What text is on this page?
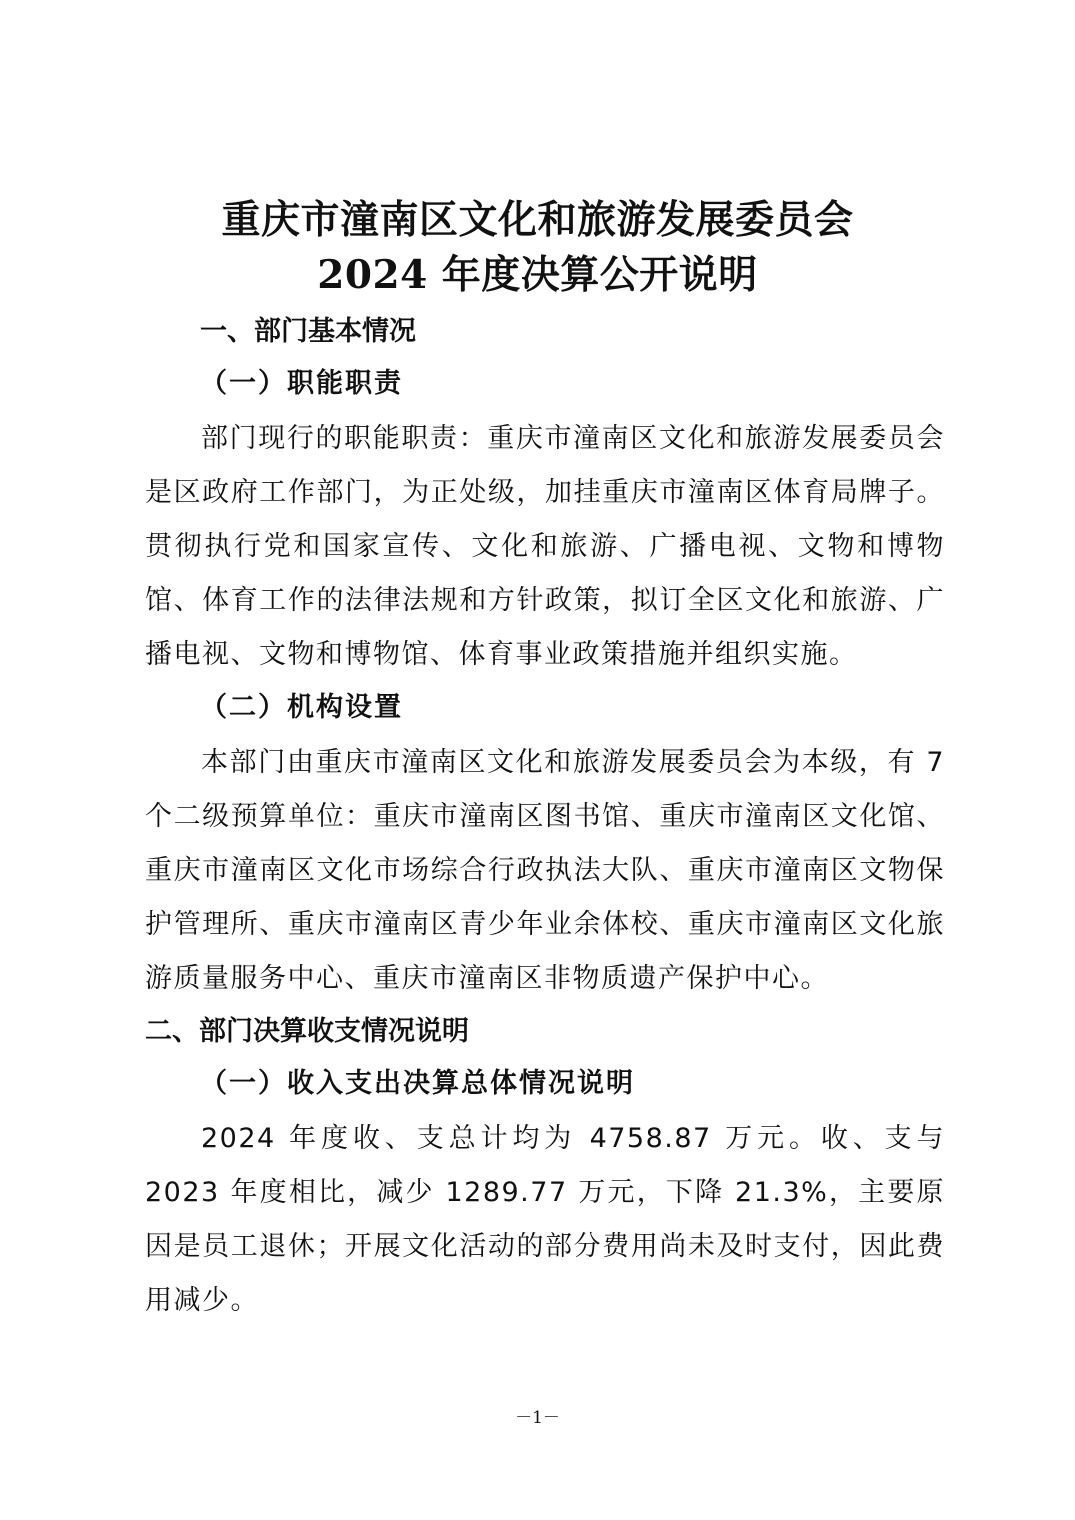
重庆市潼南区文化和旅游发展委员会
2024 年度决算公开说明
一、部门基本情况
（一）职能职责
部门现行的职能职责：重庆市潼南区文化和旅游发展委员会是区政府工作部门，为正处级，加挂重庆市潼南区体育局牌子。贯彻执行党和国家宣传、文化和旅游、广播电视、文物和博物馆、体育工作的法律法规和方针政策，拟订全区文化和旅游、广播电视、文物和博物馆、体育事业政策措施并组织实施。
（二）机构设置
本部门由重庆市潼南区文化和旅游发展委员会为本级，有 7 个二级预算单位：重庆市潼南区图书馆、重庆市潼南区文化馆、重庆市潼南区文化市场综合行政执法大队、重庆市潼南区文物保护管理所、重庆市潼南区青少年业余体校、重庆市潼南区文化旅游质量服务中心、重庆市潼南区非物质遗产保护中心。
二、部门决算收支情况说明
（一）收入支出决算总体情况说明
2024 年度收、支总计均为 4758.87 万元。收、支与 2023 年度相比，减少 1289.77 万元，下降 21.3%，主要原因是员工退休；开展文化活动的部分费用尚未及时支付，因此费用减少。
－1－
